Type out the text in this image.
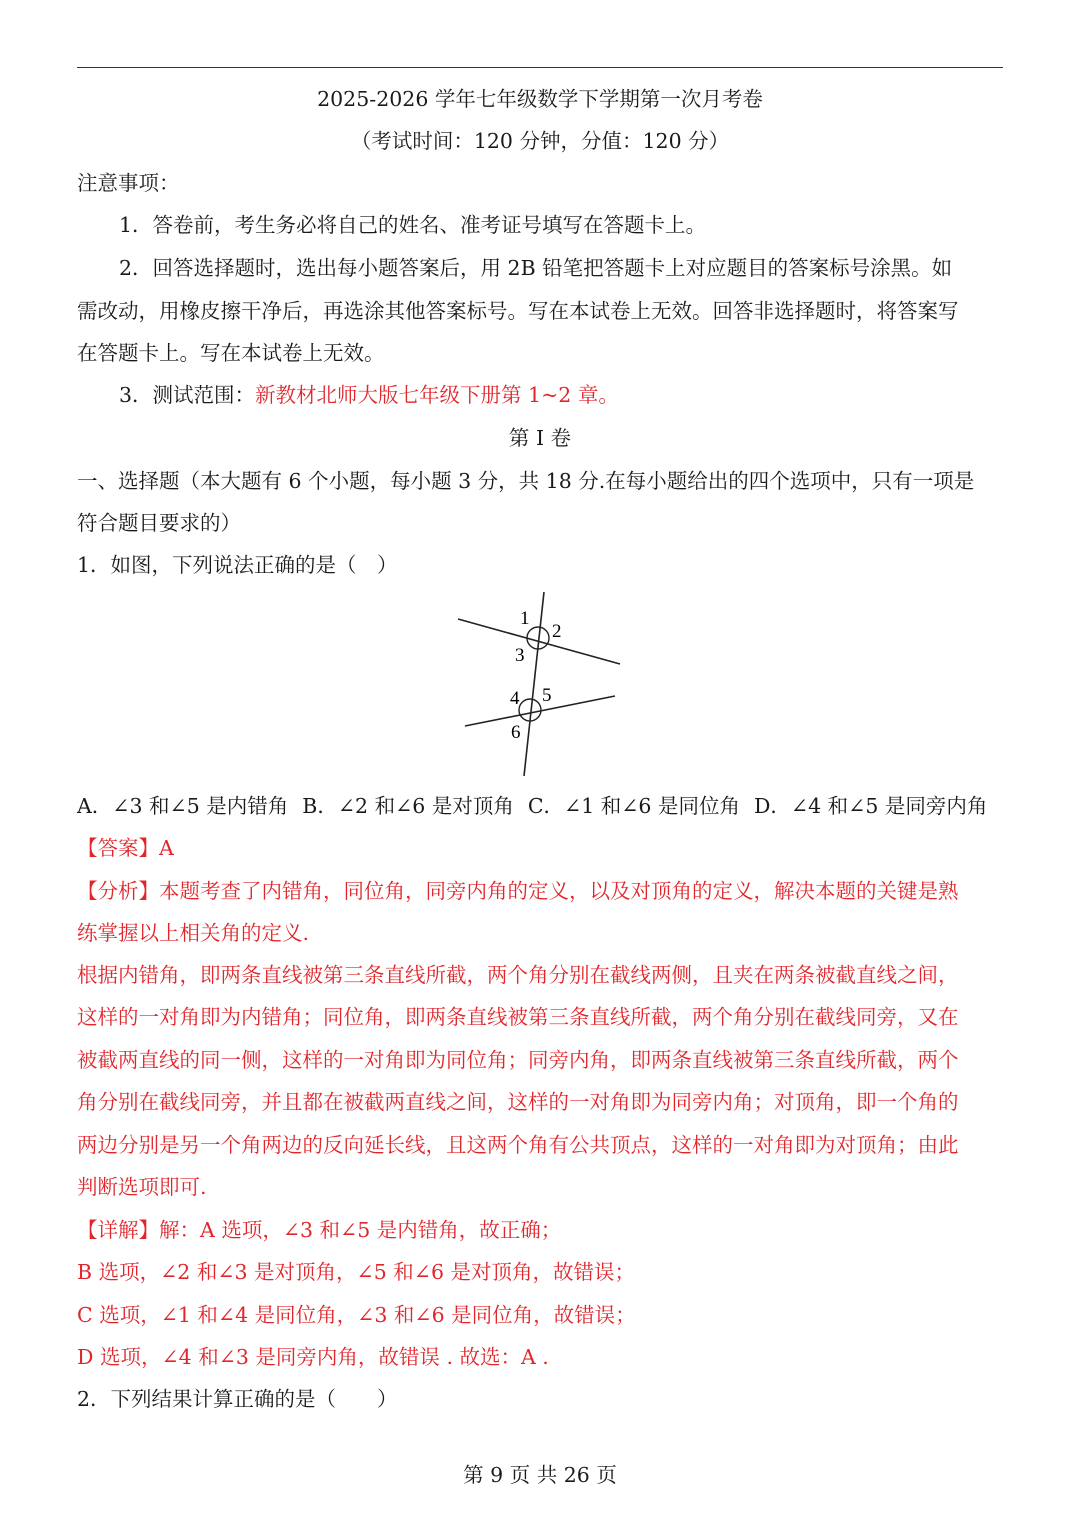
2025-2026 学年七年级数学下学期第一次月考卷
（考试时间：120 分钟，分值：120 分）
注意事项：
1．答卷前，考生务必将自己的姓名、准考证号填写在答题卡上。
2．回答选择题时，选出每小题答案后，用 2B 铅笔把答题卡上对应题目的答案标号涂黑。如
需改动，用橡皮擦干净后，再选涂其他答案标号。写在本试卷上无效。回答非选择题时，将答案写
在答题卡上。写在本试卷上无效。
3．测试范围：新教材北师大版七年级下册第 1~2 章。
第 I 卷
一、选择题（本大题有 6 个小题，每小题 3 分，共 18 分.在每小题给出的四个选项中，只有一项是
符合题目要求的）
1．如图，下列说法正确的是（　）
1
2
3
4 5
6
A．∠3 和∠5 是内错角 B．∠2 和∠6 是对顶角 C．∠1 和∠6 是同位角 D．∠4 和∠5 是同旁内角
【答案】A
【分析】本题考查了内错角，同位角，同旁内角的定义，以及对顶角的定义，解决本题的关键是熟
练掌握以上相关角的定义.
根据内错角，即两条直线被第三条直线所截，两个角分别在截线两侧，且夹在两条被截直线之间，
这样的一对角即为内错角；同位角，即两条直线被第三条直线所截，两个角分别在截线同旁，又在
被截两直线的同一侧，这样的一对角即为同位角；同旁内角，即两条直线被第三条直线所截，两个
角分别在截线同旁，并且都在被截两直线之间，这样的一对角即为同旁内角；对顶角，即一个角的
两边分别是另一个角两边的反向延长线，且这两个角有公共顶点，这样的一对角即为对顶角；由此
判断选项即可.
【详解】解：A 选项，∠3 和∠5 是内错角，故正确；
B 选项，∠2 和∠3 是对顶角，∠5 和∠6 是对顶角，故错误；
C 选项，∠1 和∠4 是同位角，∠3 和∠6 是同位角，故错误；
D 选项，∠4 和∠3 是同旁内角，故错误 . 故选：A .
2．下列结果计算正确的是（　　）
第 9 页 共 26 页
